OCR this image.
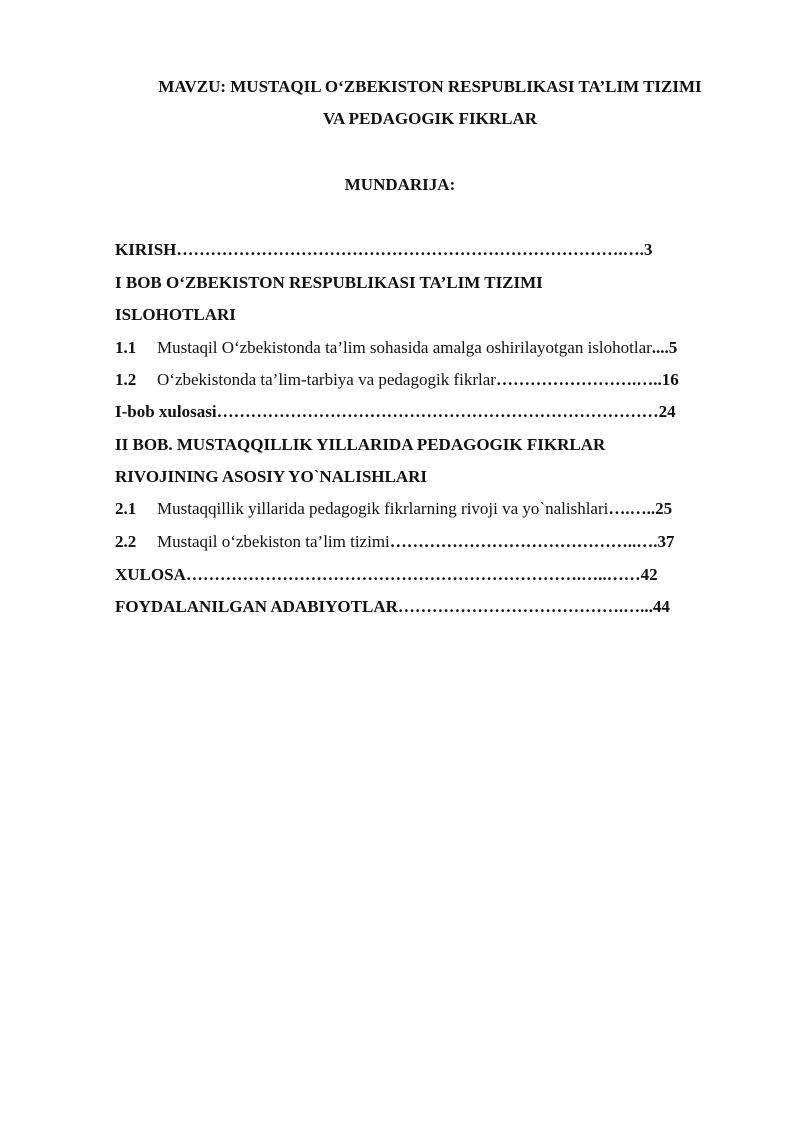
MAVZU: MUSTAQIL O‘ZBEKISTON RESPUBLIKASI TA’LIM TIZIMI
VA PEDAGOGIK FIKRLAR
MUNDARIJA:
KIRISH…………………………………………………………………….….3
I BOB O‘ZBEKISTON RESPUBLIKASI TA’LIM TIZIMI
ISLOHOTLARI
1.1 Mustaqil O‘zbekistonda ta’lim sohasida amalga oshirilayotgan islohotlar....5
1.2 O‘zbekistonda ta’lim-tarbiya va pedagogik fikrlar…………………….…..16
I-bob xulosasi……………………………………………………………………24
II BOB. MUSTAQQILLIK YILLARIDA PEDAGOGIK FIKRLAR
RIVOJINING ASOSIY YO`NALISHLARI
2.1 Mustaqqillik yillarida pedagogik fikrlarning rivoji va yo`nalishlari….…..25
2.2 Mustaqil o‘zbekiston ta’lim tizimi……………………………………..….37
XULOSA…………………………………………………………….…..……42
FOYDALANILGAN ADABIYOTLAR………………………………….…...44
